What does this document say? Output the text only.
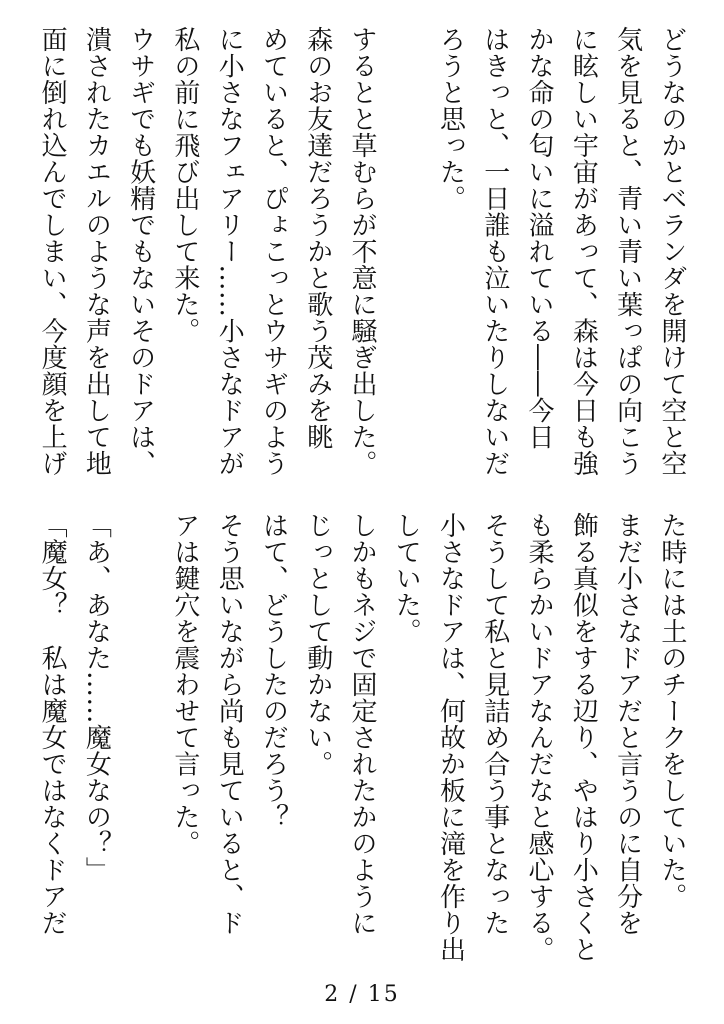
どうなのかとベランダを開けて空と空
気を見ると、青い青い葉っぱの向こう
に眩しい宇宙があって、森は今日も強
かな命の匂いに溢れている――今日
はきっと、一日誰も泣いたりしないだ
ろうと思った。
するとと草むらが不意に騒ぎ出した。
森のお友達だろうかと歌う茂みを眺
めていると、ぴょこっとウサギのよう
に小さなフェアリー……小さなドアが
私の前に飛び出して来た。
ウサギでも妖精でもないそのドアは、
潰されたカエルのような声を出して地
面に倒れ込んでしまい、今度顔を上げ
た時には土のチークをしていた。
まだ小さなドアだと言うのに自分を
飾る真似をする辺り、やはり小さくと
も柔らかいドアなんだなと感心する。
そうして私と見詰め合う事となった
小さなドアは、何故か板に滝を作り出
していた。
しかもネジで固定されたかのように
じっとして動かない。
はて、どうしたのだろう？
そう思いながら尚も見ていると、ド
アは鍵穴を震わせて言った。
「あ、あなた……魔女なの？」
「魔女？　私は魔女ではなくドアだ
2 / 15
